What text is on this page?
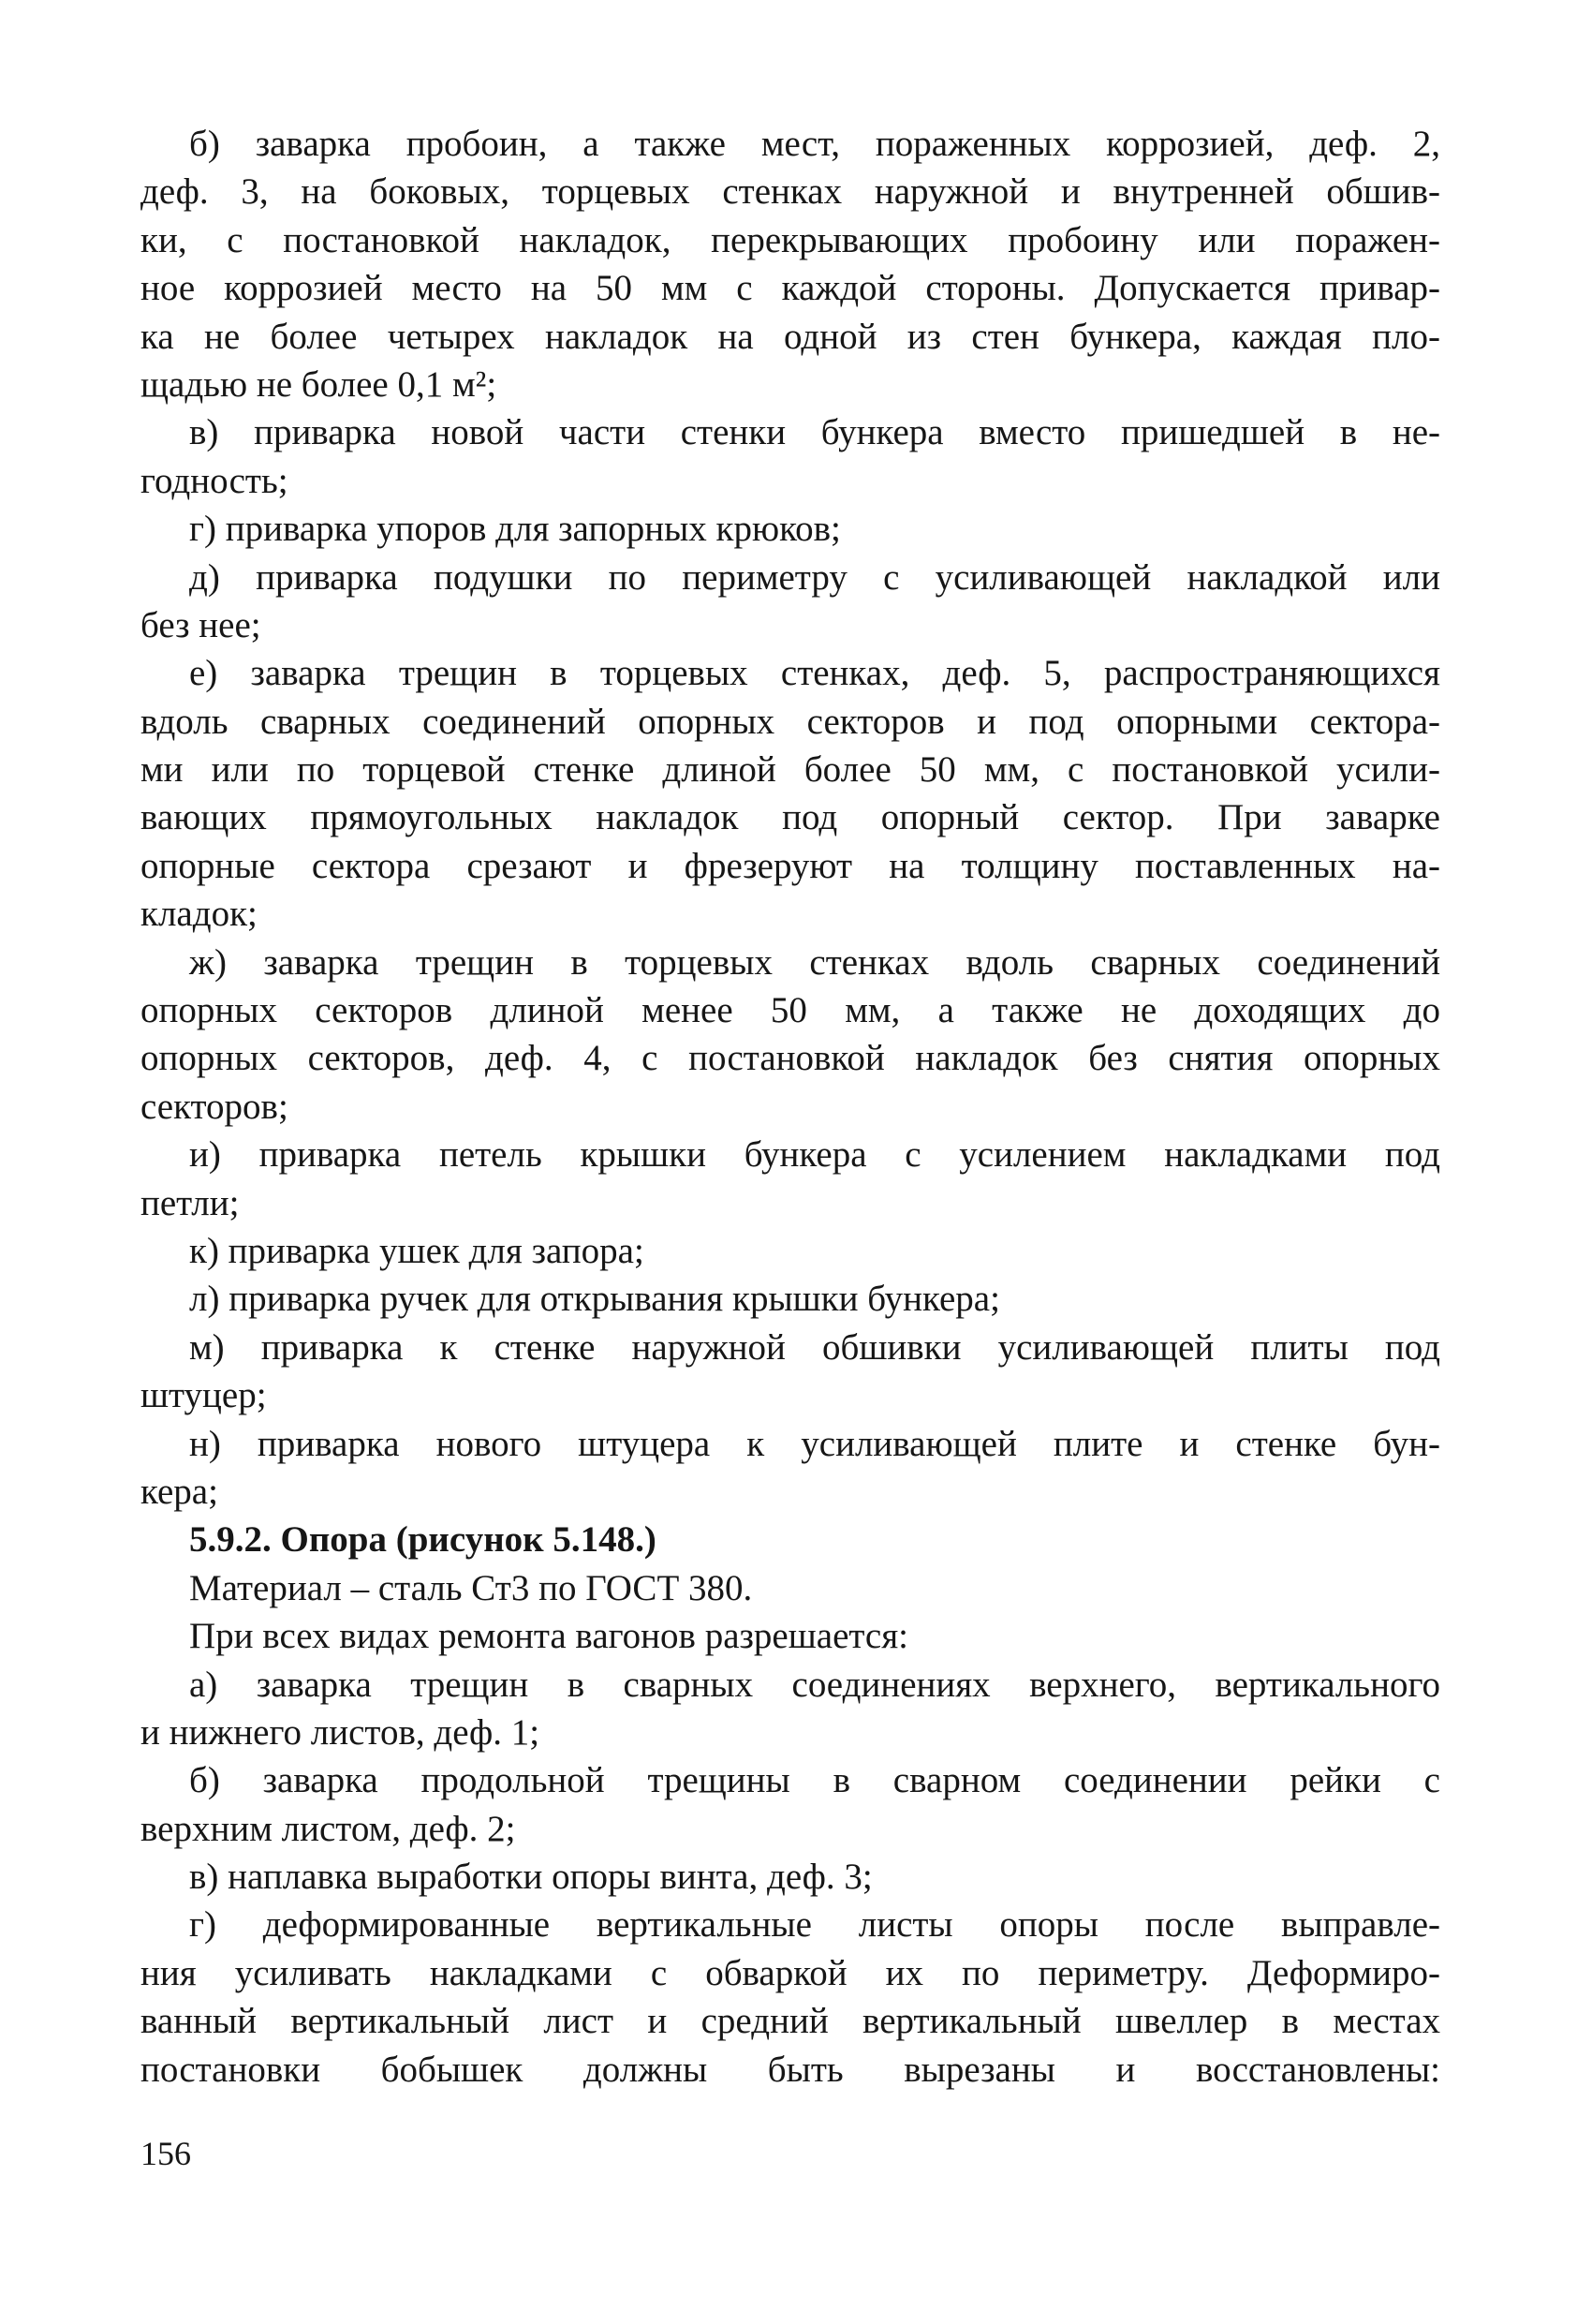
б) заварка пробоин, а также мест, пораженных коррозией, деф. 2,
деф. 3, на боковых, торцевых стенках наружной и внутренней обшив-
ки, с постановкой накладок, перекрывающих пробоину или поражен-
ное коррозией место на 50 мм с каждой стороны. Допускается привар-
ка не более четырех накладок на одной из стен бункера, каждая пло-
щадью не более 0,1 м²;
в) приварка новой части стенки бункера вместо пришедшей в не-
годность;
г) приварка упоров для запорных крюков;
д) приварка подушки по периметру с усиливающей накладкой или
без нее;
е) заварка трещин в торцевых стенках, деф. 5, распространяющихся
вдоль сварных соединений опорных секторов и под опорными сектора-
ми или по торцевой стенке длиной более 50 мм, с постановкой усили-
вающих прямоугольных накладок под опорный сектор. При заварке
опорные сектора срезают и фрезеруют на толщину поставленных на-
кладок;
ж) заварка трещин в торцевых стенках вдоль сварных соединений
опорных секторов длиной менее 50 мм, а также не доходящих до
опорных секторов, деф. 4, с постановкой накладок без снятия опорных
секторов;
и) приварка петель крышки бункера с усилением накладками под
петли;
к) приварка ушек для запора;
л) приварка ручек для открывания крышки бункера;
м) приварка к стенке наружной обшивки усиливающей плиты под
штуцер;
н) приварка нового штуцера к усиливающей плите и стенке бун-
кера;
5.9.2. Опора (рисунок 5.148.)
Материал – сталь Ст3 по ГОСТ 380.
При всех видах ремонта вагонов разрешается:
а) заварка трещин в сварных соединениях верхнего, вертикального
и нижнего листов, деф. 1;
б) заварка продольной трещины в сварном соединении рейки с
верхним листом, деф. 2;
в) наплавка выработки опоры винта, деф. 3;
г) деформированные вертикальные листы опоры после выправле-
ния усиливать накладками с обваркой их по периметру. Деформиро-
ванный вертикальный лист и средний вертикальный швеллер в местах
постановки бобышек должны быть вырезаны и восстановлены:
156
